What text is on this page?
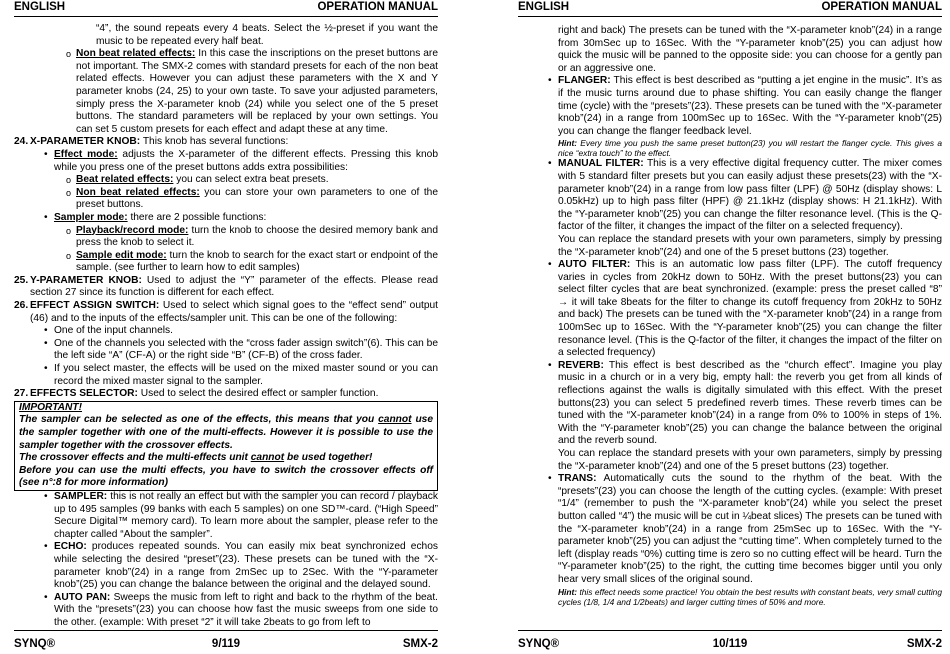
ENGLISH	OPERATION MANUAL

“4”, the sound repeats every 4 beats. Select the ½-preset if you want the music to be repeated every half beat.

o Non beat related effects: In this case the inscriptions on the preset buttons are not important. The SMX-2 comes with standard presets for each of the non beat related effects. However you can adjust these parameters with the X and Y parameter knobs (24, 25) to your own taste. To save your adjusted parameters, simply press the X-parameter knob (24) while you select one of the 5 preset buttons. The standard parameters will be replaced by your own settings. You can set 5 custom presets for each effect and adapt these at any time.
24. X-PARAMETER KNOB: This knob has several functions:
• Effect mode: adjusts the X-parameter of the different effects. Pressing this knob while you press one of the preset buttons adds extra possibilities:
o Beat related effects: you can select extra beat presets.
o Non beat related effects: you can store your own parameters to one of the preset buttons.
• Sampler mode: there are 2 possible functions:
o Playback/record mode: turn the knob to choose the desired memory bank and press the knob to select it.
o Sample edit mode: turn the knob to search for the exact start or endpoint of the sample. (see further to learn how to edit samples)
25. Y-PARAMETER KNOB: Used to adjust the “Y” parameter of the effects. Please read section 27 since its function is different for each effect.
26. EFFECT ASSIGN SWITCH: Used to select which signal goes to the “effect send” output (46) and to the inputs of the effects/sampler unit. This can be one of the following:
• One of the input channels.
• One of the channels you selected with the “cross fader assign switch”(6). This can be the left side “A” (CF-A) or the right side “B” (CF-B) of the cross fader.
• If you select master, the effects will be used on the mixed master sound or you can record the mixed master signal to the sampler.
27. EFFECTS SELECTOR: Used to select the desired effect or sampler function.
IMPORTANT!
The sampler can be selected as one of the effects, this means that you cannot use the sampler together with one of the multi-effects. However it is possible to use the sampler together with the crossover effects.
The crossover effects and the multi-effects unit cannot be used together!
Before you can use the multi effects, you have to switch the crossover effects off (see n°:8 for more information)
• SAMPLER: this is not really an effect but with the sampler you can record / playback up to 495 samples (99 banks with each 5 samples) on one SD™-card. (“High Speed” Secure Digital™ memory card). To learn more about the sampler, please refer to the chapter called “About the sampler”.
• ECHO: produces repeated sounds. You can easily mix beat synchronized echos while selecting the desired “preset”(23). These presets can be tuned with the “X-parameter knob”(24) in a range from 2mSec up to 2Sec. With the “Y-parameter knob”(25) you can change the balance between the original and the delayed sound.
• AUTO PAN: Sweeps the music from left to right and back to the rhythm of the beat. With the “presets”(23) you can choose how fast the music sweeps from one side to the other. (example: With preset “2” it will take 2beats to go from left to
SYNQ®	9/119	SMX-2
ENGLISH	OPERATION MANUAL

right and back) The presets can be tuned with the “X-parameter knob”(24) in a range from 30mSec up to 16Sec. With the “Y-parameter knob”(25) you can adjust how quick the music will be panned to the opposite side: you can choose for a gently pan or an aggressive one.

• FLANGER: This effect is best described as “putting a jet engine in the music”. It’s as if the music turns around due to phase shifting. You can easily change the flanger time (cycle) with the “presets”(23). These presets can be tuned with the “X-parameter knob”(24) in a range from 100mSec up to 16Sec. With the “Y-parameter knob”(25) you can change the flanger feedback level.
Hint: Every time you push the same preset button(23) you will restart the flanger cycle. This gives a nice “extra touch” to the effect.
• MANUAL FILTER: This is a very effective digital frequency cutter. The mixer comes with 5 standard filter presets but you can easily adjust these presets(23) with the “X-parameter knob”(24) in a range from low pass filter (LPF) @ 50Hz (display shows: L 0.05kHz) up to high pass filter (HPF) @ 21.1kHz (display shows: H 21.1kHz). With the “Y-parameter knob”(25) you can change the filter resonance level. (This is the Q-factor of the filter, it changes the impact of the filter on a selected frequency).

You can replace the standard presets with your own parameters, simply by pressing the “X-parameter knob”(24) and one of the 5 preset buttons (23) together.

• AUTO FILTER: This is an automatic low pass filter (LPF). The cutoff frequency varies in cycles from 20kHz down to 50Hz. With the preset buttons(23) you can select filter cycles that are beat synchronized. (example: press the preset called “8” → it will take 8beats for the filter to change its cutoff frequency from 20kHz to 50Hz and back) The presets can be tuned with the “X-parameter knob”(24) in a range from 100mSec up to 16Sec. With the “Y-parameter knob”(25) you can change the filter resonance level. (This is the Q-factor of the filter, it changes the impact of the filter on a selected frequency)
• REVERB: This effect is best described as the “church effect”. Imagine you play music in a church or in a very big, empty hall: the reverb you get from all kinds of reflections against the walls is digitally simulated with this effect. With the preset buttons(23) you can select 5 predefined reverb times. These reverb times can be tuned with the “X-parameter knob”(24) in a range from 0% to 100% in steps of 1%. With the “Y-parameter knob”(25) you can change the balance between the original and the reverb sound.

You can replace the standard presets with your own parameters, simply by pressing the “X-parameter knob”(24) and one of the 5 preset buttons (23) together.

• TRANS: Automatically cuts the sound to the rhythm of the beat. With the “presets”(23) you can choose the length of the cutting cycles. (example: With preset “1/4” (remember to push the “X-parameter knob”(24) while you select the preset button called “4”) the music will be cut in ¼beat slices) The presets can be tuned with the “X-parameter knob”(24) in a range from 25mSec up to 16Sec. With the “Y-parameter knob”(25) you can adjust the “cutting time”. When completely turned to the left (display reads “0%) cutting time is zero so no cutting effect will be heard. Turn the “Y-parameter knob”(25) to the right, the cutting time becomes bigger until you only hear very small slices of the original sound.
Hint: this effect needs some practice! You obtain the best results with constant beats, very small cutting cycles (1/8, 1/4 and 1/2beats) and larger cutting times of 50% and more.
SYNQ®	10/119	SMX-2
